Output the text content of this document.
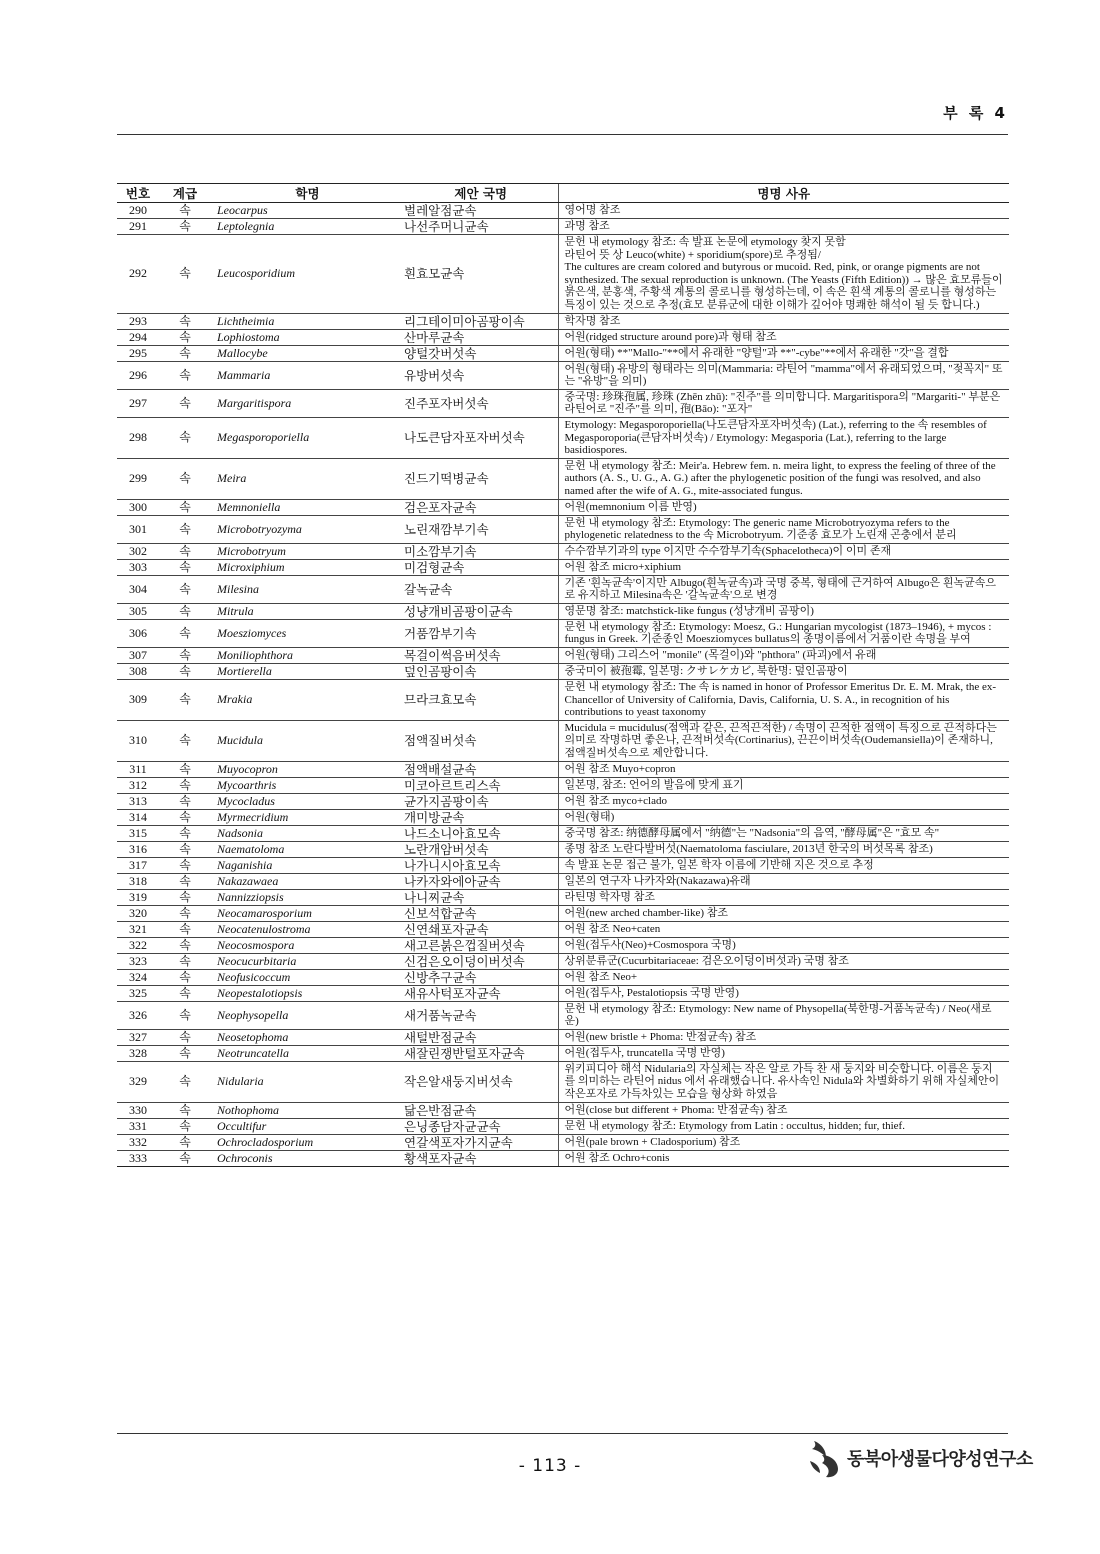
부 록 4
번호	계급	학명	제안 국명	명명 사유
290	속	Leocarpus	벌레알점균속	영어명 참조
291	속	Leptolegnia	나선주머니균속	과명 참조
292	속	Leucosporidium	흰효모균속	문헌 내 etymology 참조: 속 발표 논문에 etymology 찾지 못함
라틴어 뜻 상 Leuco(white) + sporidium(spore)로 추정됨/
The cultures are cream colored and butyrous or mucoid. Red, pink, or orange pigments are not synthesized. The sexual reproduction is unknown. (The Yeasts (Fifth Edition)) → 많은 효모류들이 붉은색, 분홍색, 주황색 계통의 콜로니를 형성하는데, 이 속은 흰색 계통의 콜로니를 형성하는 특징이 있는 것으로 추정(효모 분류군에 대한 이해가 깊어야 명쾌한 해석이 될 듯 합니다.)
293	속	Lichtheimia	리그테이미아곰팡이속	학자명 참조
294	속	Lophiostoma	산마루균속	어원(ridged structure around pore)과 형태 참조
295	속	Mallocybe	양털갓버섯속	어원(형태) **"Mallo-"**에서 유래한 "양털"과 **"-cybe"**에서 유래한 "갓"을 결합
296	속	Mammaria	유방버섯속	어원(형태) 유방의 형태라는 의미(Mammaria: 라틴어 "mamma"에서 유래되었으며, "젖꼭지" 또는 "유방"을 의미)
297	속	Margaritispora	진주포자버섯속	중국명: 珍珠孢属, 珍珠 (Zhēn zhū): "진주"를 의미합니다. Margaritispora의 "Margariti-" 부분은 라틴어로 "진주"를 의미, 孢(Bāo): "포자"
298	속	Megasporoporiella	나도큰담자포자버섯속	Etymology: Megasporoporiella(나도큰담자포자버섯속) (Lat.), referring to the 속 resembles of Megasporoporia(큰담자버섯속) / Etymology: Megasporia (Lat.), referring to the large basidiospores.
299	속	Meira	진드기떡병균속	문헌 내 etymology 참조: Meir'a. Hebrew fem. n. meira light, to express the feeling of three of the authors (A. S., U. G., A. G.) after the phylogenetic position of the fungi was resolved, and also named after the wife of A. G., mite-associated fungus.
300	속	Memnoniella	검은포자균속	어원(memnonium 이름 반영)
301	속	Microbotryozyma	노린재깜부기속	문헌 내 etymology 참조: Etymology: The generic name Microbotryozyma refers to the phylogenetic relatedness to the 속 Microbotryum. 기준종 효모가 노린재 곤충에서 분리
302	속	Microbotryum	미소깜부기속	수수깜부기과의 type 이지만 수수깜부기속(Sphacelotheca)이 이미 존재
303	속	Microxiphium	미검형균속	어원 참조 micro+xiphium
304	속	Milesina	갈녹균속	기존 '흰녹균속'이지만 Albugo(흰녹균속)과 국명 중복, 형태에 근거하여 Albugo은 흰녹균속으로 유지하고 Milesina속은 '갈녹균속'으로 변경
305	속	Mitrula	성냥개비곰팡이균속	영문명 참조: matchstick-like fungus (성냥개비 곰팡이)
306	속	Moesziomyces	거품깜부기속	문헌 내 etymology 참조: Etymology: Moesz, G.: Hungarian mycologist (1873–1946), + mycos : fungus in Greek. 기준종인 Moesziomyces bullatus의 종명이름에서 거품이란 속명을 부여
307	속	Moniliophthora	목걸이썩음버섯속	어원(형태) 그리스어 "monile" (목걸이)와 "phthora" (파괴)에서 유래
308	속	Mortierella	덮인곰팡이속	중국미이 被孢霉, 일본명: クサレケカビ, 북한명: 덮인곰팡이
309	속	Mrakia	므라크효모속	문헌 내 etymology 참조: The 속 is named in honor of Professor Emeritus Dr. E. M. Mrak, the ex-Chancellor of University of California, Davis, California, U. S. A., in recognition of his contributions to yeast taxonomy
310	속	Mucidula	점액질버섯속	Mucidula = mucidulus(점액과 같은, 끈적끈적한) / 속명이 끈적한 점액이 특징으로 끈적하다는 의미로 작명하면 좋은나, 끈적버섯속(Cortinarius), 끈끈이버섯속(Oudemansiella)이 존재하니, 점액질버섯속으로 제안합니다.
311	속	Muyocopron	점액배설균속	어원 참조 Muyo+copron
312	속	Mycoarthris	미코아르트리스속	일본명, 참조: 언어의 발음에 맞게 표기
313	속	Mycocladus	균가지곰팡이속	어원 참조 myco+clado
314	속	Myrmecridium	개미방균속	어원(형태)
315	속	Nadsonia	나드소니아효모속	중국명 참조: 纳德酵母属에서 "纳德"는 "Nadsonia"의 음역, "酵母属"은 "효모 속"
316	속	Naematoloma	노란개암버섯속	종명 참조 노란다발버섯(Naematoloma fasciulare, 2013년 한국의 버섯목록 참조)
317	속	Naganishia	나가니시아효모속	속 발표 논문 접근 불가, 일본 학자 이름에 기반해 지은 것으로 추정
318	속	Nakazawaea	나카자와에아균속	일본의 연구자 나카자와(Nakazawa)유래
319	속	Nannizziopsis	나니찌균속	라틴명 학자명 참조
320	속	Neocamarosporium	신보석합균속	어원(new arched chamber-like) 참조
321	속	Neocatenulostroma	신연쇄포자균속	어원 참조 Neo+caten
322	속	Neocosmospora	새고른붉은껍질버섯속	어원(접두사(Neo)+Cosmospora 국명)
323	속	Neocucurbitaria	신검은오이덩이버섯속	상위분류군(Cucurbitariaceae: 검은오이덩이버섯과) 국명 참조
324	속	Neofusicoccum	신방추구균속	어원 참조 Neo+
325	속	Neopestalotiopsis	새유사턱포자균속	어원(접두사, Pestalotiopsis 국명 반영)
326	속	Neophysopella	새거품녹균속	문헌 내 etymology 참조: Etymology: New name of Physopella(북한명-거품녹균속) / Neo(새로운)
327	속	Neosetophoma	새털반점균속	어원(new bristle + Phoma: 반점균속) 참조
328	속	Neotruncatella	새잘린쟁반털포자균속	어원(접두사, truncatella 국명 반영)
329	속	Nidularia	작은알새둥지버섯속	위키피디아 해석 Nidularia의 자실체는 작은 알로 가득 찬 새 둥지와 비슷합니다. 이름은 둥지를 의미하는 라틴어 nidus 에서 유래했습니다. 유사속인 Nidula와 차별화하기 위해 자실체안이 작은포자로 가득차있는 모습을 형상화 하였음
330	속	Nothophoma	닮은반점균속	어원(close but different + Phoma: 반점균속) 참조
331	속	Occultifur	은닝종담자균균속	문헌 내 etymology 참조: Etymology from Latin : occultus, hidden; fur, thief.
332	속	Ochrocladosporium	연갈색포자가지균속	어원(pale brown + Cladosporium) 참조
333	속	Ochroconis	황색포자균속	어원 참조 Ochro+conis
- 113 -	동북아생물다양성연구소
